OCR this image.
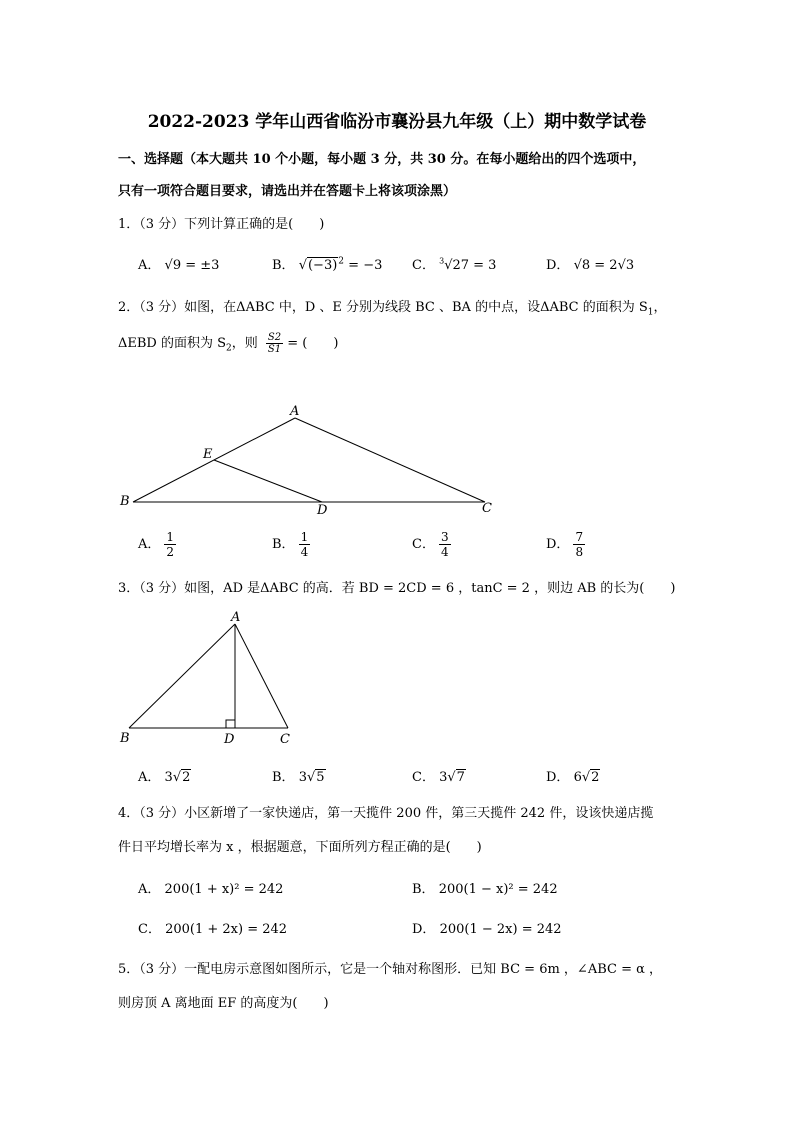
2022-2023 学年山西省临汾市襄汾县九年级（上）期中数学试卷
一、选择题（本大题共 10 个小题，每小题 3 分，共 30 分。在每小题给出的四个选项中，
只有一项符合题目要求，请选出并在答题卡上将该项涂黑）
1．（3 分）下列计算正确的是(　　)
A． √9 = ±3	B． $√(-3)^2 = -3$ C． $^3$√27 = 3	D． √8 = 2√3
2．（3 分）如图，在ΔABC 中，D 、E 分别为线段 BC 、BA 的中点，设ΔABC 的面积为 $S_1$，
ΔEBD 的面积为 $S_2$，则 $\frac{S2}{S1}$ = (　　)
A
B	C
D
E
A． $\frac{1}{2}$	B． $\frac{1}{4}$	C． $\frac{3}{4}$	D． $\frac{7}{8}$
3．（3 分）如图，AD 是ΔABC 的高．若 BD = 2CD = 6 ，tanC = 2 ，则边 AB 的长为(　　)
A
B	C
D
A． 3√2	B． 3√5	C． 3√7	D． 6√2
4．（3 分）小区新增了一家快递店，第一天揽件 200 件，第三天揽件 242 件，设该快递店揽
件日平均增长率为 x ，根据题意，下面所列方程正确的是(　　)
A． 200(1 + x)² = 242	B． 200(1 − x)² = 242
C． 200(1 + 2x) = 242	D． 200(1 − 2x) = 242
5．（3 分）一配电房示意图如图所示，它是一个轴对称图形．已知 BC = 6m ，∠ABC = α ，
则房顶 A 离地面 EF 的高度为(　　)
